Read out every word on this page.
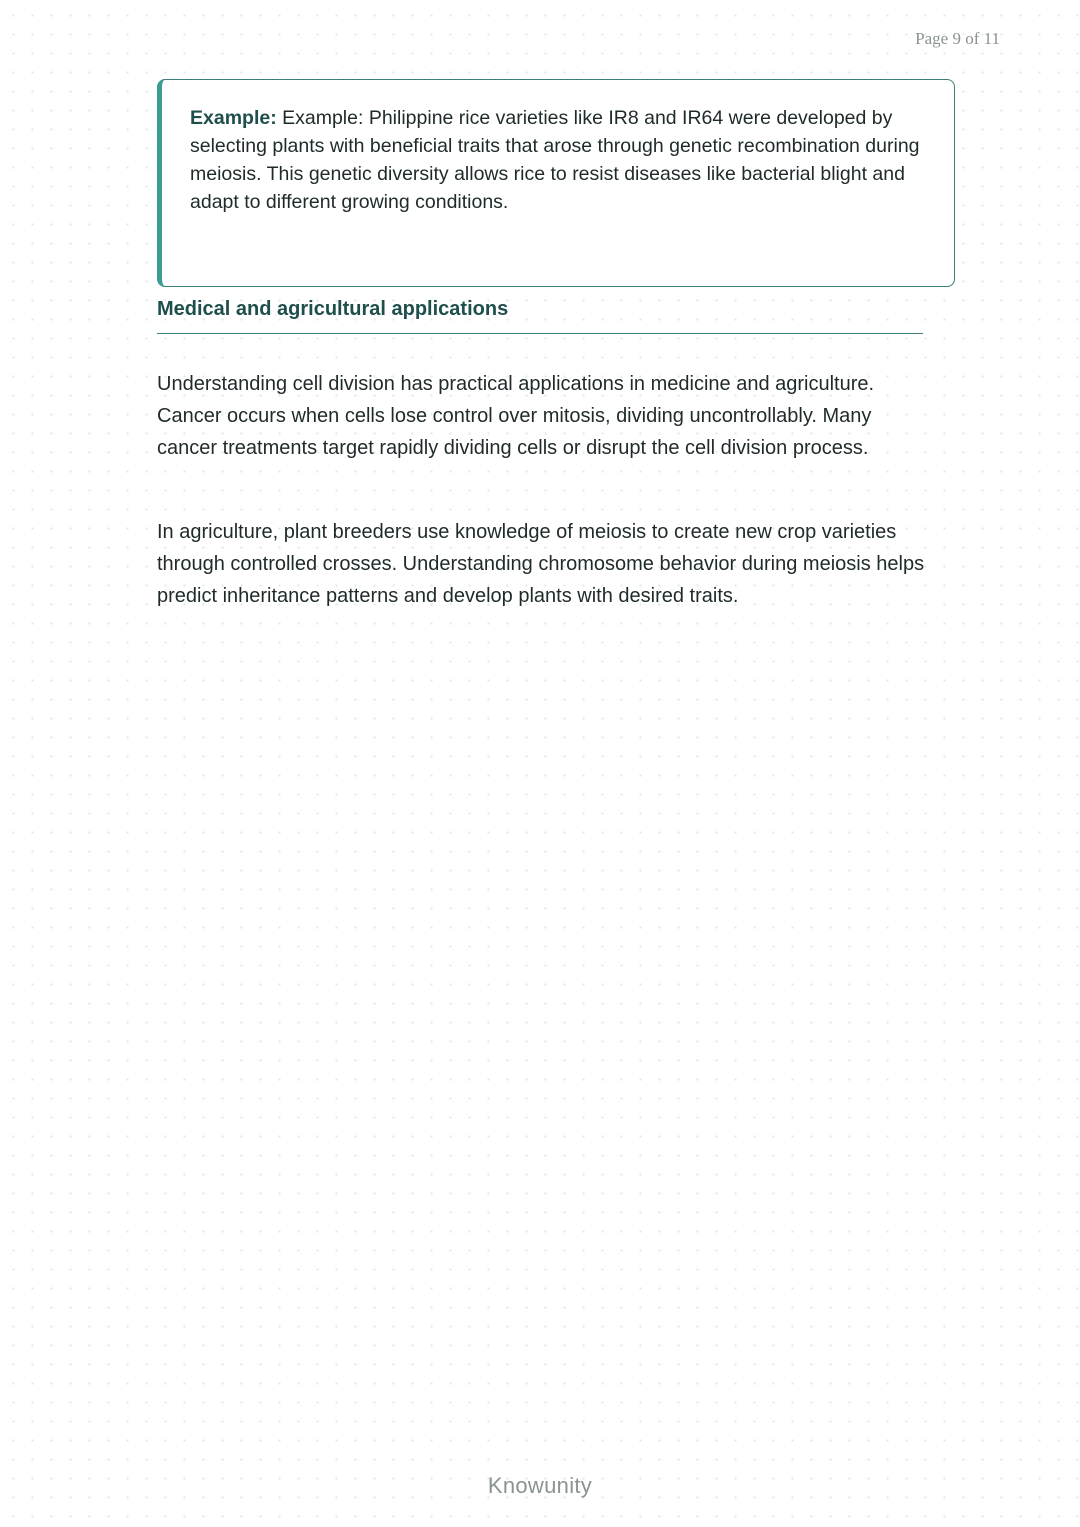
Page 9 of 11
Example: Example: Philippine rice varieties like IR8 and IR64 were developed by selecting plants with beneficial traits that arose through genetic recombination during meiosis. This genetic diversity allows rice to resist diseases like bacterial blight and adapt to different growing conditions.
Medical and agricultural applications

Understanding cell division has practical applications in medicine and agriculture. Cancer occurs when cells lose control over mitosis, dividing uncontrollably. Many cancer treatments target rapidly dividing cells or disrupt the cell division process.

In agriculture, plant breeders use knowledge of meiosis to create new crop varieties through controlled crosses. Understanding chromosome behavior during meiosis helps predict inheritance patterns and develop plants with desired traits.

Knowunity
